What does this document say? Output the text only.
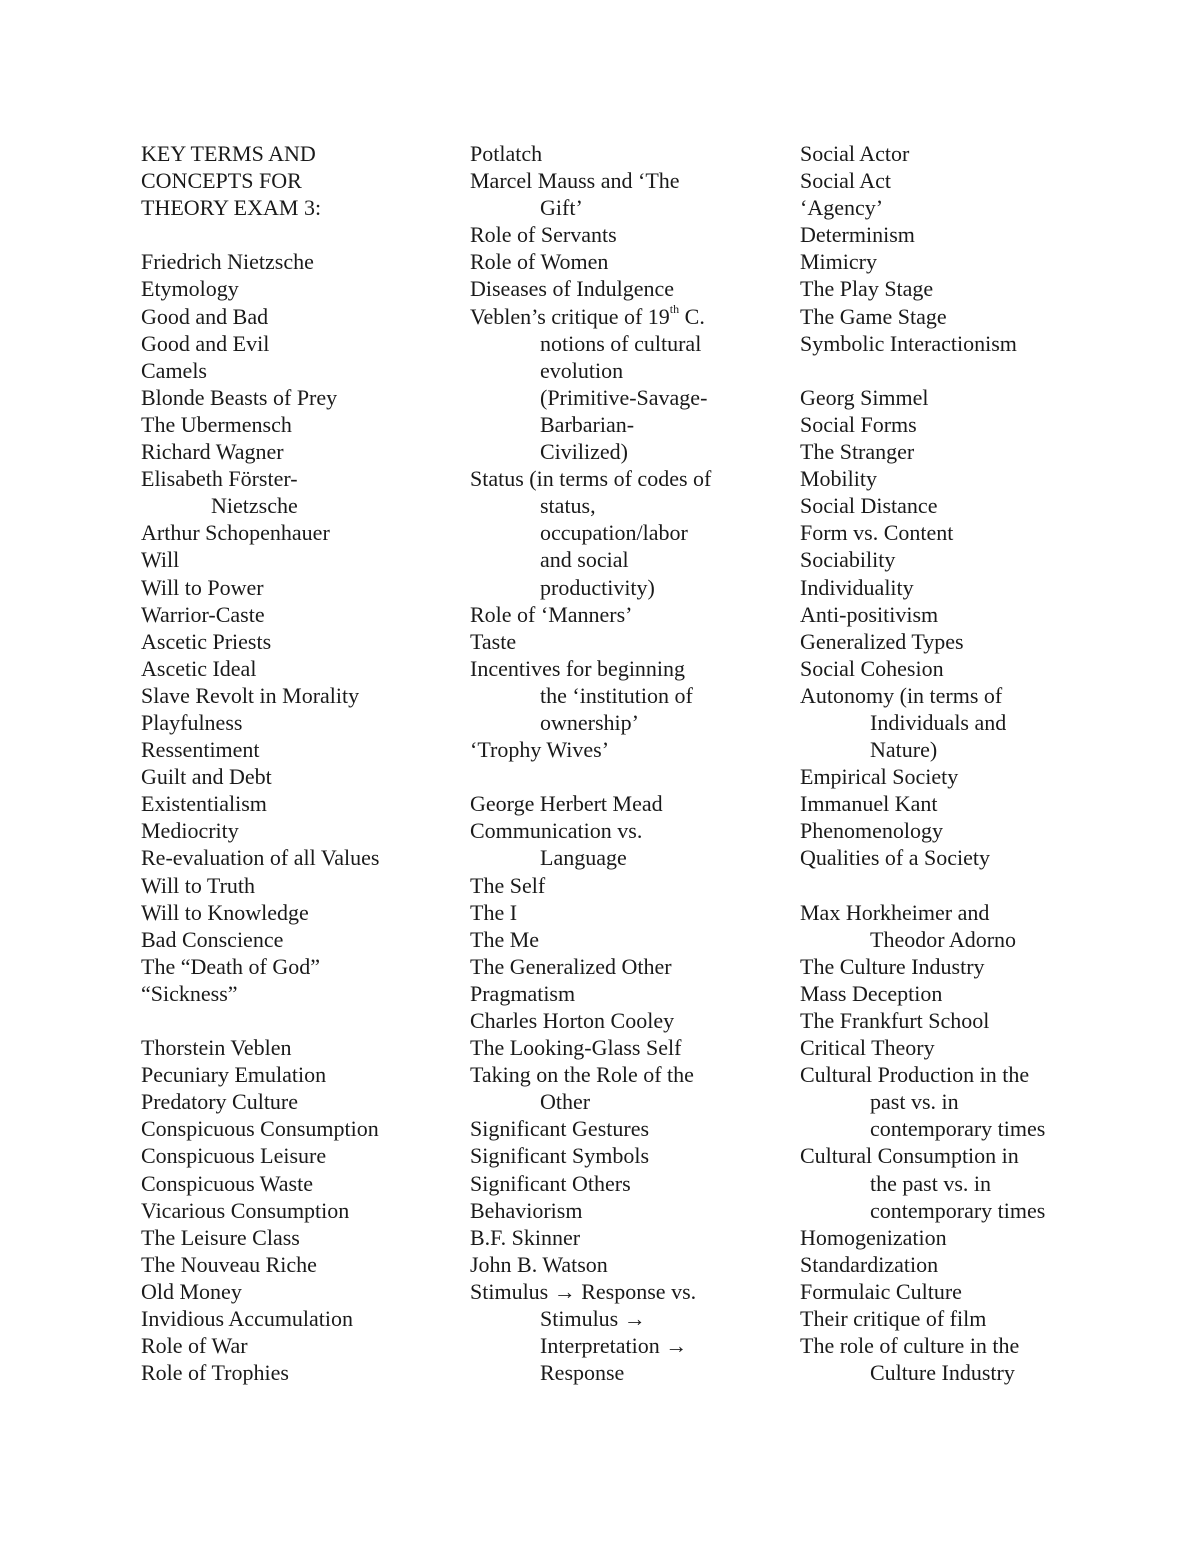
KEY TERMS AND
CONCEPTS FOR
THEORY EXAM 3:
Friedrich Nietzsche
Etymology
Good and Bad
Good and Evil
Camels
Blonde Beasts of Prey
The Ubermensch
Richard Wagner
Elisabeth Förster-
Nietzsche
Arthur Schopenhauer
Will
Will to Power
Warrior-Caste
Ascetic Priests
Ascetic Ideal
Slave Revolt in Morality
Playfulness
Ressentiment
Guilt and Debt
Existentialism
Mediocrity
Re-evaluation of all Values
Will to Truth
Will to Knowledge
Bad Conscience
The “Death of God”
“Sickness”
Thorstein Veblen
Pecuniary Emulation
Predatory Culture
Conspicuous Consumption
Conspicuous Leisure
Conspicuous Waste
Vicarious Consumption
The Leisure Class
The Nouveau Riche
Old Money
Invidious Accumulation
Role of War
Role of Trophies
Potlatch
Marcel Mauss and ‘The
Gift’
Role of Servants
Role of Women
Diseases of Indulgence
Veblen’s critique of 19th C.
notions of cultural
evolution
(Primitive-Savage-
Barbarian-
Civilized)
Status (in terms of codes of
status,
occupation/labor
and social
productivity)
Role of ‘Manners’
Taste
Incentives for beginning
the ‘institution of
ownership’
‘Trophy Wives’
George Herbert Mead
Communication vs.
Language
The Self
The I
The Me
The Generalized Other
Pragmatism
Charles Horton Cooley
The Looking-Glass Self
Taking on the Role of the
Other
Significant Gestures
Significant Symbols
Significant Others
Behaviorism
B.F. Skinner
John B. Watson
Stimulus → Response vs.
Stimulus →
Interpretation →
Response
Social Actor
Social Act
‘Agency’
Determinism
Mimicry
The Play Stage
The Game Stage
Symbolic Interactionism
Georg Simmel
Social Forms
The Stranger
Mobility
Social Distance
Form vs. Content
Sociability
Individuality
Anti-positivism
Generalized Types
Social Cohesion
Autonomy (in terms of
Individuals and
Nature)
Empirical Society
Immanuel Kant
Phenomenology
Qualities of a Society
Max Horkheimer and
Theodor Adorno
The Culture Industry
Mass Deception
The Frankfurt School
Critical Theory
Cultural Production in the
past vs. in
contemporary times
Cultural Consumption in
the past vs. in
contemporary times
Homogenization
Standardization
Formulaic Culture
Their critique of film
The role of culture in the
Culture Industry
